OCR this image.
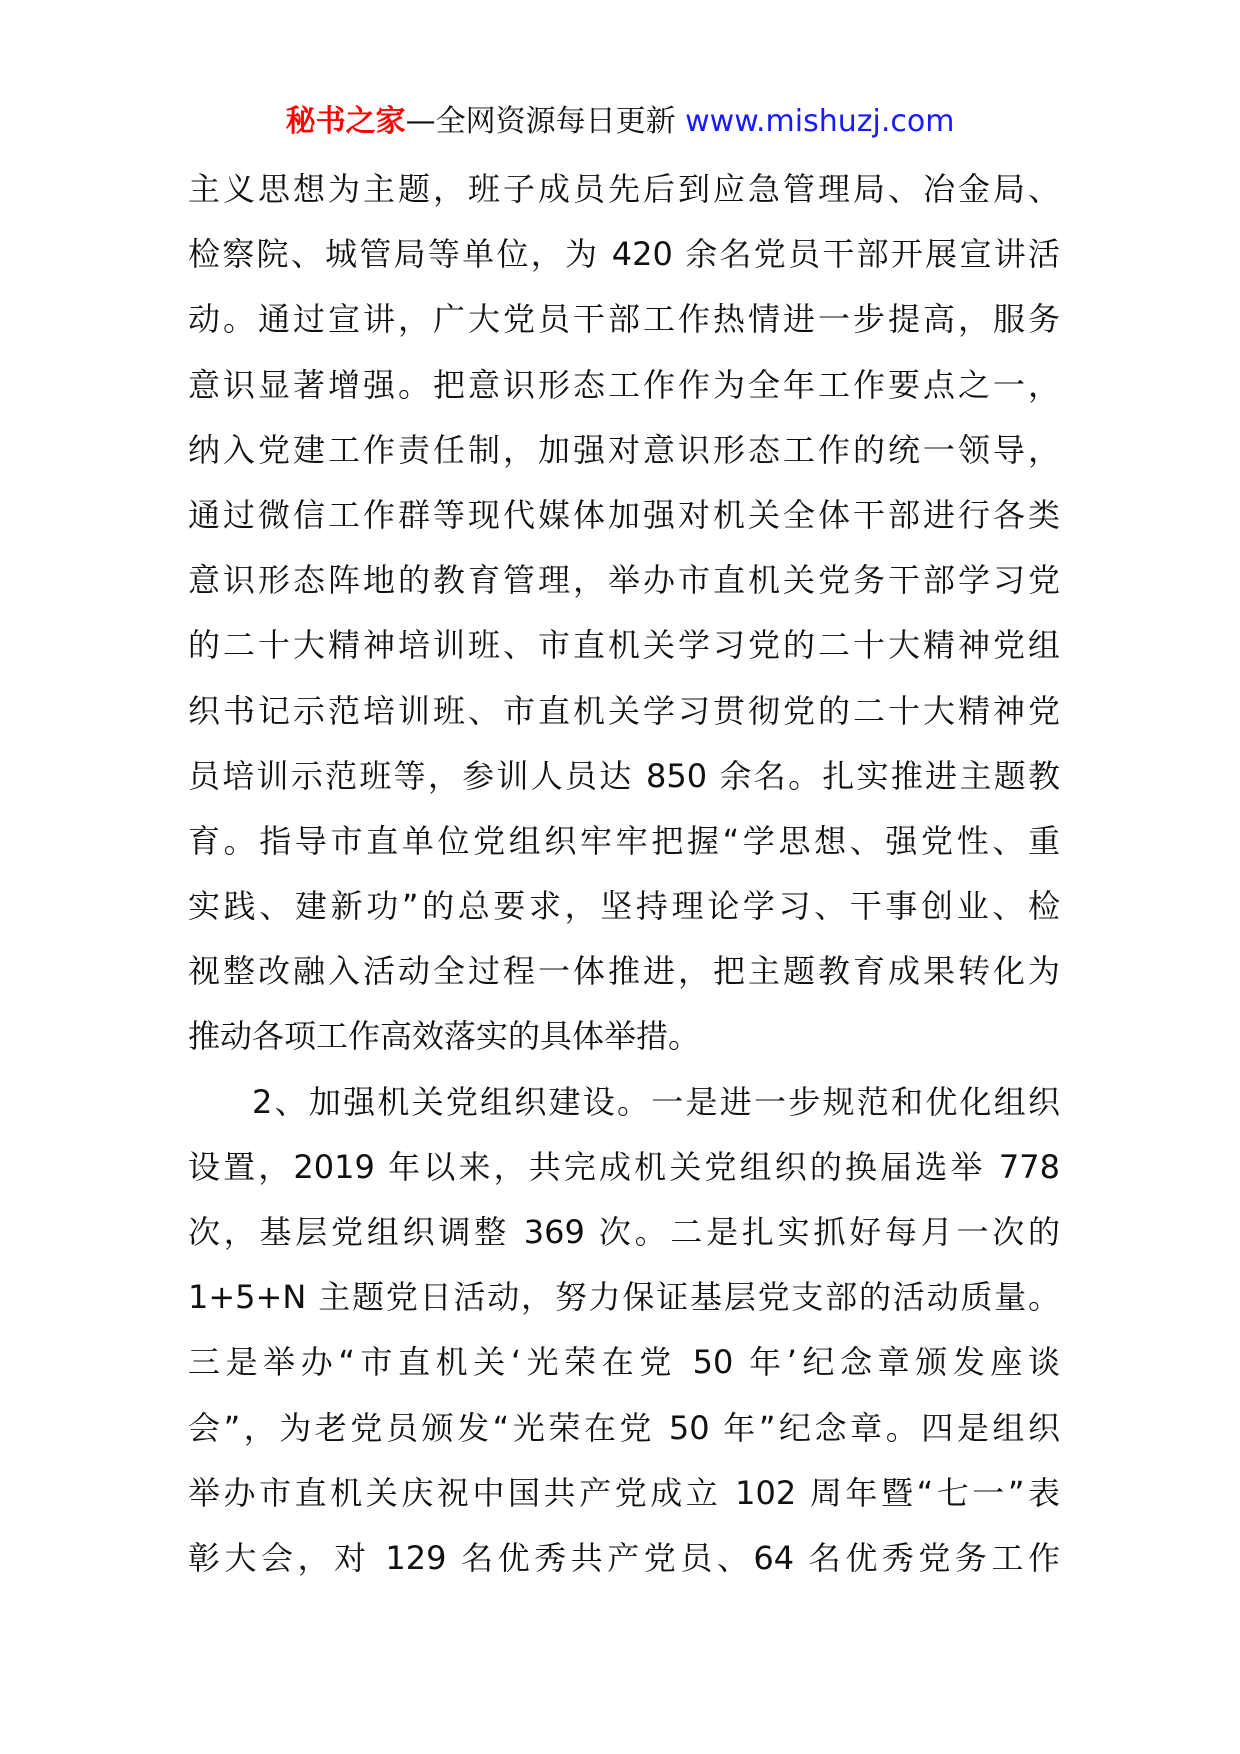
秘书之家—全网资源每日更新 www.mishuzj.com
主义思想为主题，班子成员先后到应急管理局、冶金局、
检察院、城管局等单位，为 420 余名党员干部开展宣讲活
动。通过宣讲，广大党员干部工作热情进一步提高，服务
意识显著增强。把意识形态工作作为全年工作要点之一，
纳入党建工作责任制，加强对意识形态工作的统一领导，
通过微信工作群等现代媒体加强对机关全体干部进行各类
意识形态阵地的教育管理，举办市直机关党务干部学习党
的二十大精神培训班、市直机关学习党的二十大精神党组
织书记示范培训班、市直机关学习贯彻党的二十大精神党
员培训示范班等，参训人员达 850 余名。扎实推进主题教
育。指导市直单位党组织牢牢把握“学思想、强党性、重
实践、建新功”的总要求，坚持理论学习、干事创业、检
视整改融入活动全过程一体推进，把主题教育成果转化为
推动各项工作高效落实的具体举措。
2、加强机关党组织建设。一是进一步规范和优化组织
设置，2019 年以来，共完成机关党组织的换届选举 778
次，基层党组织调整 369 次。二是扎实抓好每月一次的
1+5+N 主题党日活动，努力保证基层党支部的活动质量。
三是举办“市直机关‘光荣在党 50 年’纪念章颁发座谈
会”，为老党员颁发“光荣在党 50 年”纪念章。四是组织
举办市直机关庆祝中国共产党成立 102 周年暨“七一”表
彰大会，对 129 名优秀共产党员、64 名优秀党务工作
